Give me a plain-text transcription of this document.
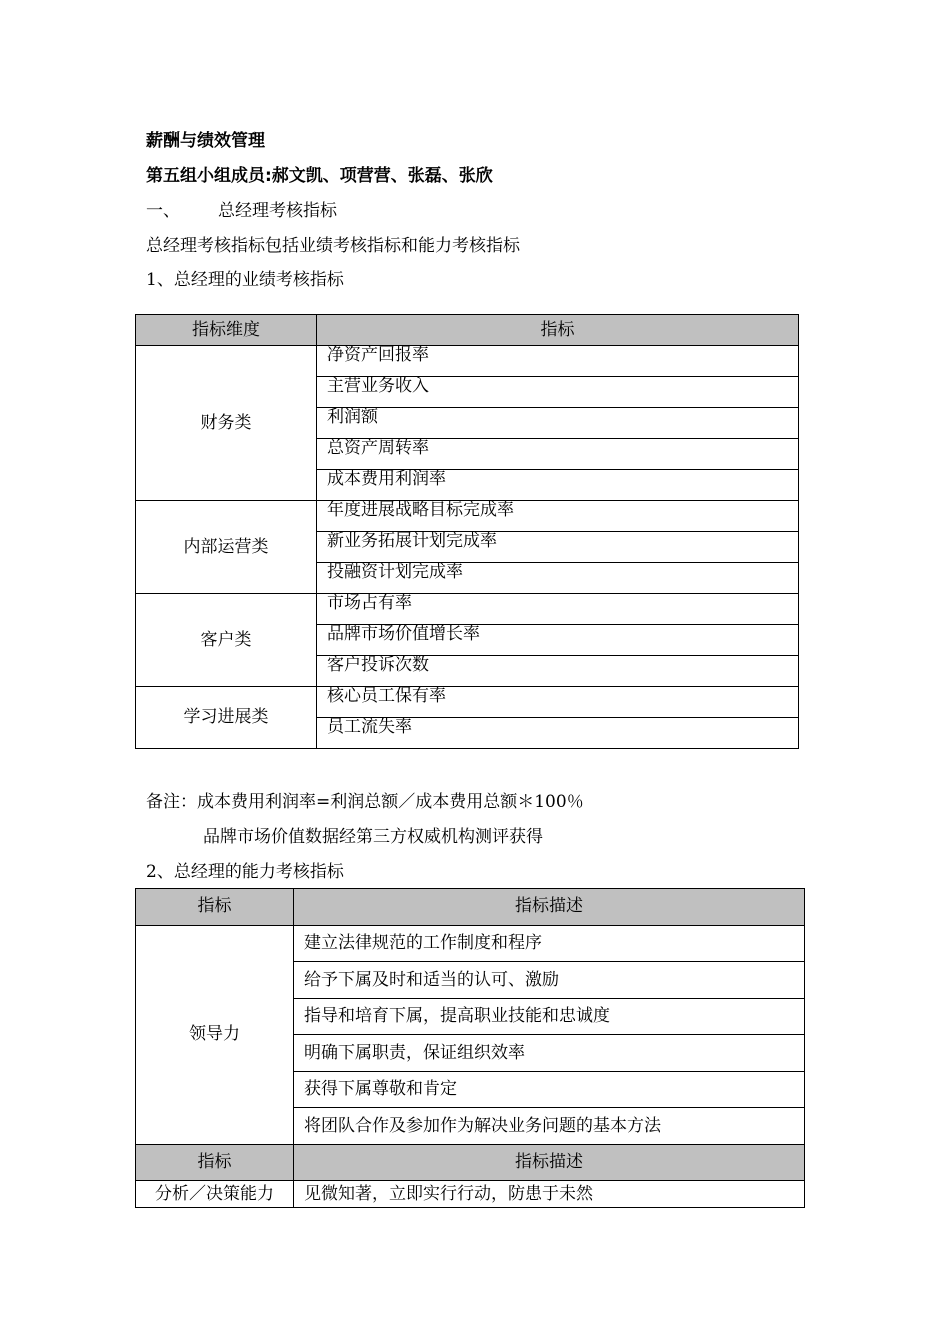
薪酬与绩效管理
第五组小组成员:郝文凯、项营营、张磊、张欣
一、 总经理考核指标
总经理考核指标包括业绩考核指标和能力考核指标
1、总经理的业绩考核指标
指标维度	指标
财务类	净资产回报率

	主营业务收入

	利润额

	总资产周转率

	成本费用利润率

内部运营类	年度进展战略目标完成率

	新业务拓展计划完成率

	投融资计划完成率

客户类	市场占有率

	品牌市场价值增长率

	客户投诉次数

学习进展类	核心员工保有率

	员工流失率
备注：成本费用利润率=利润总额／成本费用总额＊100％
品牌市场价值数据经第三方权威机构测评获得
2、总经理的能力考核指标
指标	指标描述
领导力	建立法律规范的工作制度和程序

	给予下属及时和适当的认可、激励

	指导和培育下属，提高职业技能和忠诚度

	明确下属职责，保证组织效率

	获得下属尊敬和肯定

	将团队合作及参加作为解决业务问题的基本方法

指标	指标描述
分析／决策能力	见微知著，立即实行行动，防患于未然
